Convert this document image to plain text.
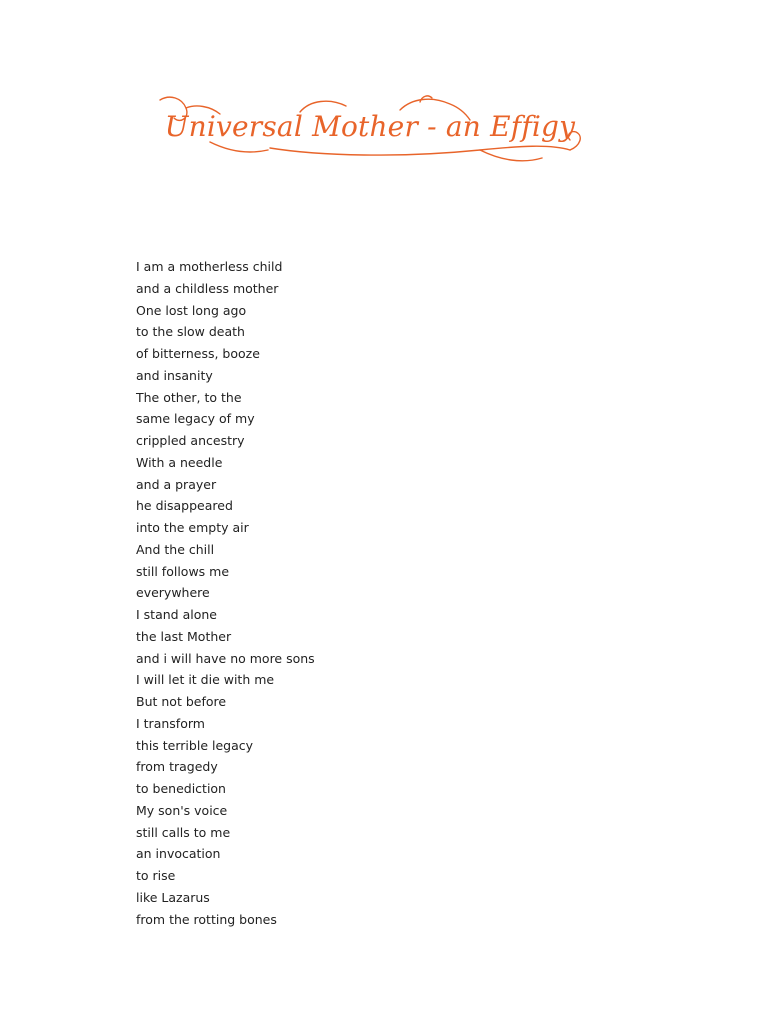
Universal Mother - an Effigy
I am a motherless child
and a childless mother
One lost long ago
to the slow death
of bitterness, booze
and insanity
The other, to the
same legacy of my
crippled ancestry
With a needle
and a prayer
he disappeared
into the empty air
And the chill
still follows me
everywhere
I stand alone
the last Mother
and i will have no more sons
I will let it die with me
But not before
I transform
this terrible legacy
from tragedy
to benediction
My son's voice
still calls to me
an invocation
to rise
like Lazarus
from the rotting bones
